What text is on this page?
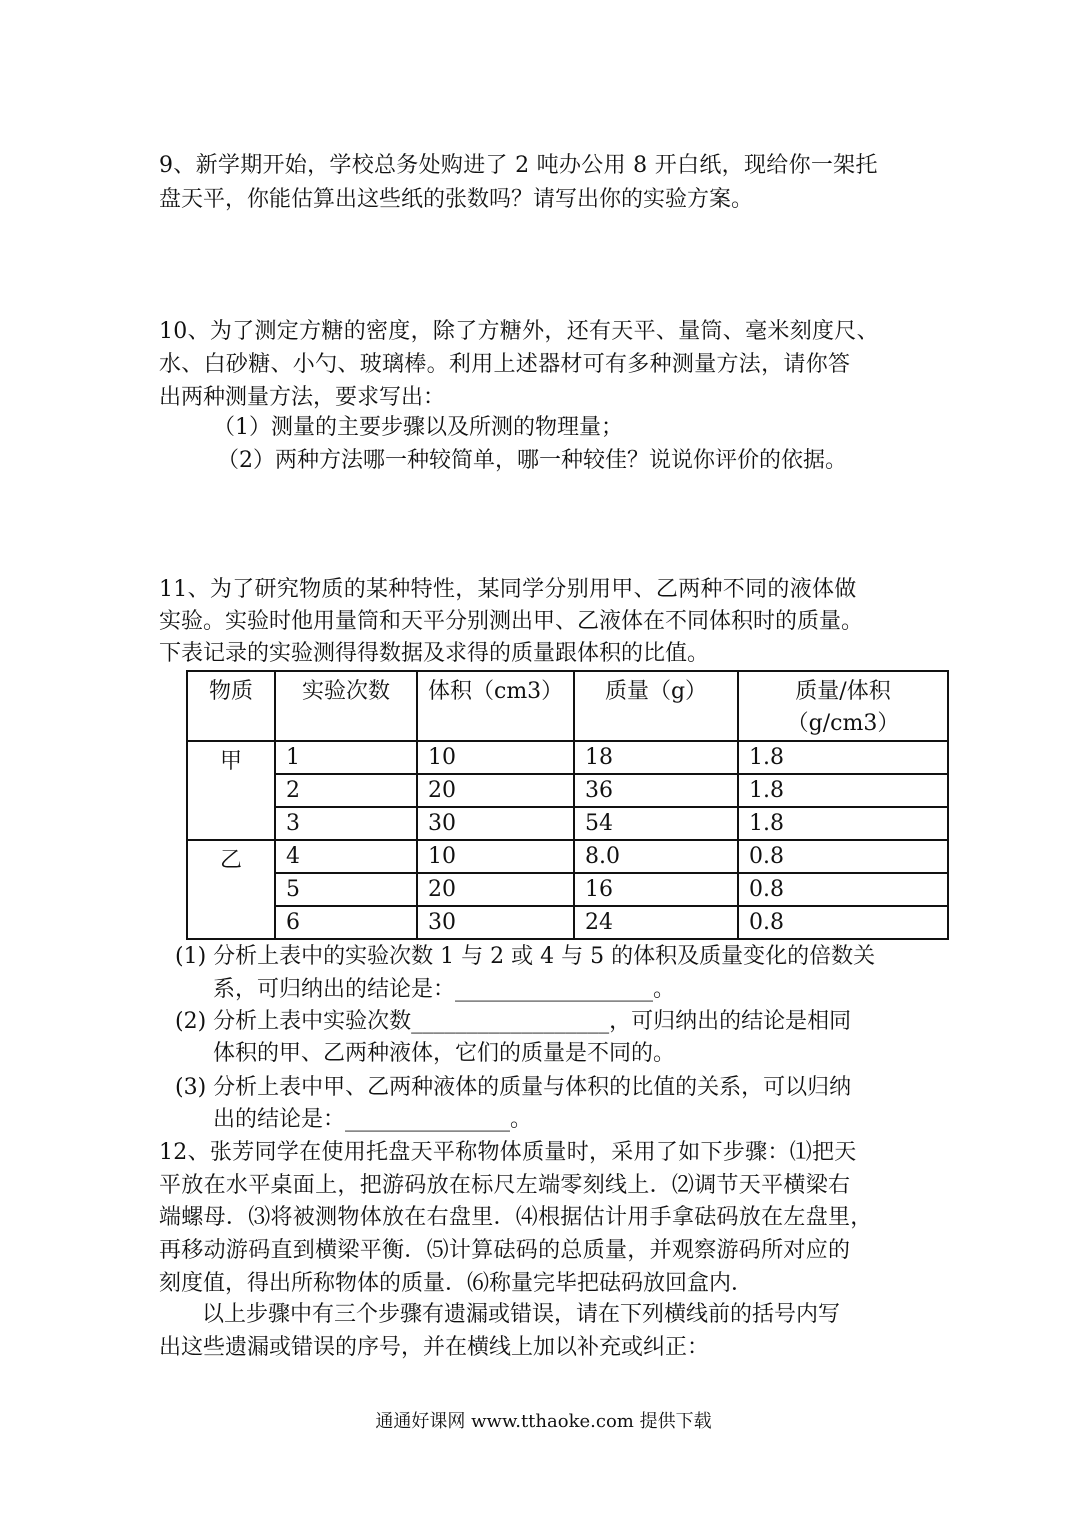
9、新学期开始，学校总务处购进了 2 吨办公用 8 开白纸，现给你一架托
盘天平，你能估算出这些纸的张数吗？请写出你的实验方案。
10、为了测定方糖的密度，除了方糖外，还有天平、量筒、毫米刻度尺、
水、白砂糖、小勺、玻璃棒。利用上述器材可有多种测量方法，请你答
出两种测量方法，要求写出：
（1）测量的主要步骤以及所测的物理量；
（2）两种方法哪一种较简单，哪一种较佳？说说你评价的依据。
11、为了研究物质的某种特性，某同学分别用甲、乙两种不同的液体做
实验。实验时他用量筒和天平分别测出甲、乙液体在不同体积时的质量。
下表记录的实验测得得数据及求得的质量跟体积的比值。
物质	实验次数	体积（cm3）	质量（g）	质量/体积（g/cm3）
甲	1	10	18	1.8
	2	20	36	1.8
	3	30	54	1.8
乙	4	10	8.0	0.8
	5	20	16	0.8
	6	30	24	0.8
(1) 分析上表中的实验次数 1 与 2 或 4 与 5 的体积及质量变化的倍数关
系，可归纳出的结论是：__________________。
(2) 分析上表中实验次数__________________，可归纳出的结论是相同
体积的甲、乙两种液体，它们的质量是不同的。
(3) 分析上表中甲、乙两种液体的质量与体积的比值的关系，可以归纳
出的结论是：_______________。
12、张芳同学在使用托盘天平称物体质量时，采用了如下步骤：⑴把天
平放在水平桌面上，把游码放在标尺左端零刻线上．⑵调节天平横梁右
端螺母．⑶将被测物体放在右盘里．⑷根据估计用手拿砝码放在左盘里，
再移动游码直到横梁平衡．⑸计算砝码的总质量，并观察游码所对应的
刻度值，得出所称物体的质量．⑹称量完毕把砝码放回盒内．
以上步骤中有三个步骤有遗漏或错误，请在下列横线前的括号内写
出这些遗漏或错误的序号，并在横线上加以补充或纠正：
通通好课网 www.tthaoke.com 提供下载
